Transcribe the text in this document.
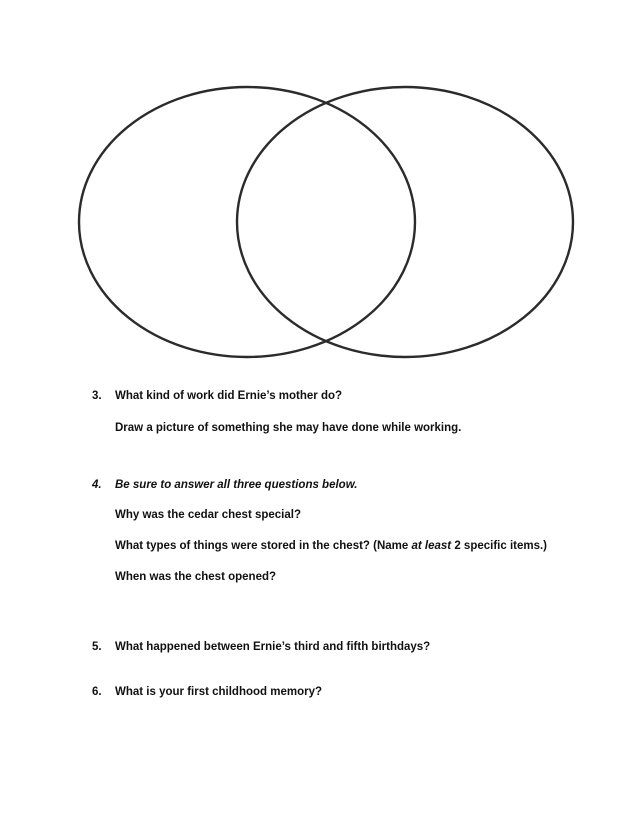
3. What kind of work did Ernie’s mother do?
Draw a picture of something she may have done while working.
4. Be sure to answer all three questions below.
Why was the cedar chest special?
What types of things were stored in the chest? (Name at least 2 specific items.)
When was the chest opened?
5. What happened between Ernie’s third and fifth birthdays?
6. What is your first childhood memory?
